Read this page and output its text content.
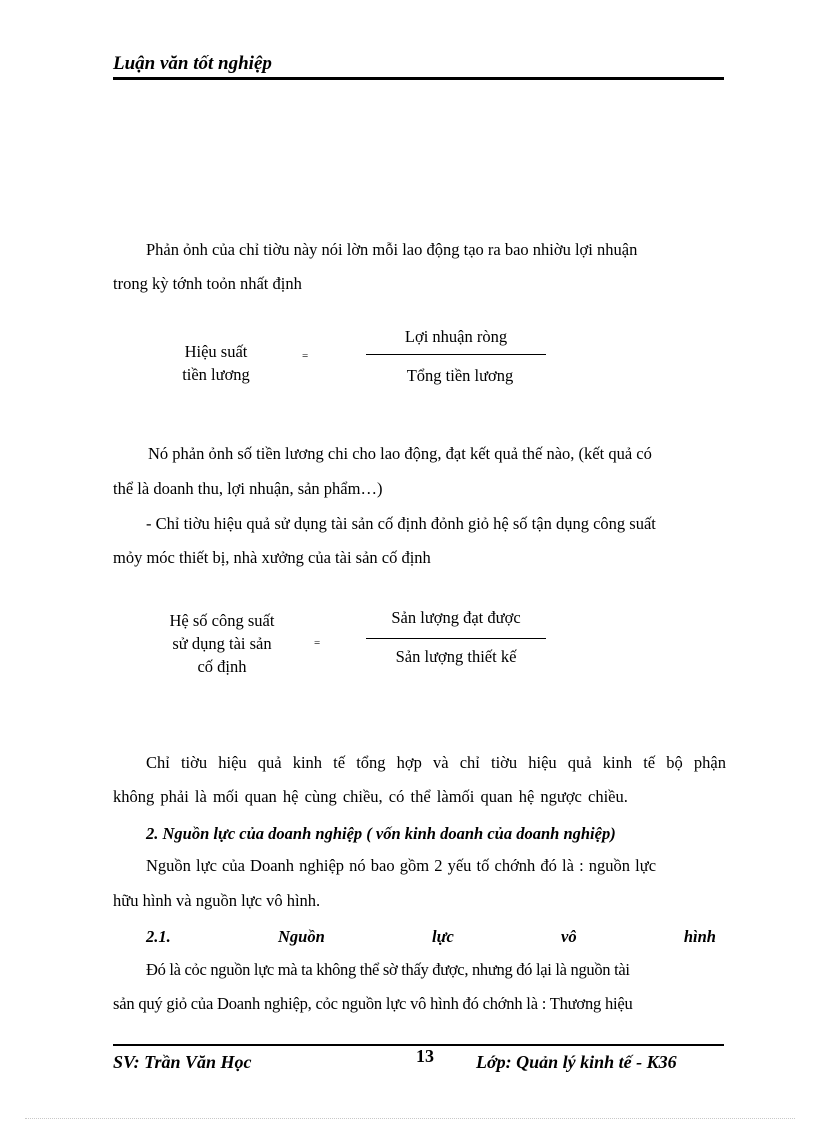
Luận văn tốt nghiệp
Phản ỏnh của chỉ tiờu này nói lờn mỗi lao động tạo ra bao nhiờu lợi nhuận
trong kỳ tớnh toỏn nhất định
Hiệu suất
tiền lương
=
Lợi nhuận ròng
Tổng tiền lương
Nó phản ỏnh số tiền lương chi cho lao động, đạt kết quả thế nào, (kết quả có
thể là doanh thu, lợi nhuận, sản phẩm…)
- Chỉ tiờu hiệu quả sử dụng tài sản cố định đỏnh giỏ hệ số tận dụng công suất
mỏy móc thiết bị, nhà xưởng của tài sản cố định
Hệ số công suất
sử dụng tài sản
cố định
=
Sản lượng đạt được
Sản lượng thiết kế
Chỉ tiờu hiệu quả kinh tế tổng hợp và chỉ tiờu hiệu quả kinh tế bộ phận
không phải là mối quan hệ cùng chiều, có thể làmối quan hệ ngược chiều.
2. Nguồn lực của doanh nghiệp ( vốn kinh doanh của doanh nghiệp)
Nguồn lực của Doanh nghiệp nó bao gồm 2 yếu tố chớnh đó là : nguồn lực
hữu hình và nguồn lực vô hình.
2.1.	Nguồn	lực	vô	hình
Đó là cỏc nguồn lực mà ta không thể sờ thấy được, nhưng đó lại là nguồn tài
sản quý giỏ của Doanh nghiệp, cỏc nguồn lực vô hình đó chớnh là : Thương hiệu
SV: Trần Văn Học	13 Lớp: Quản lý kinh tế - K36
